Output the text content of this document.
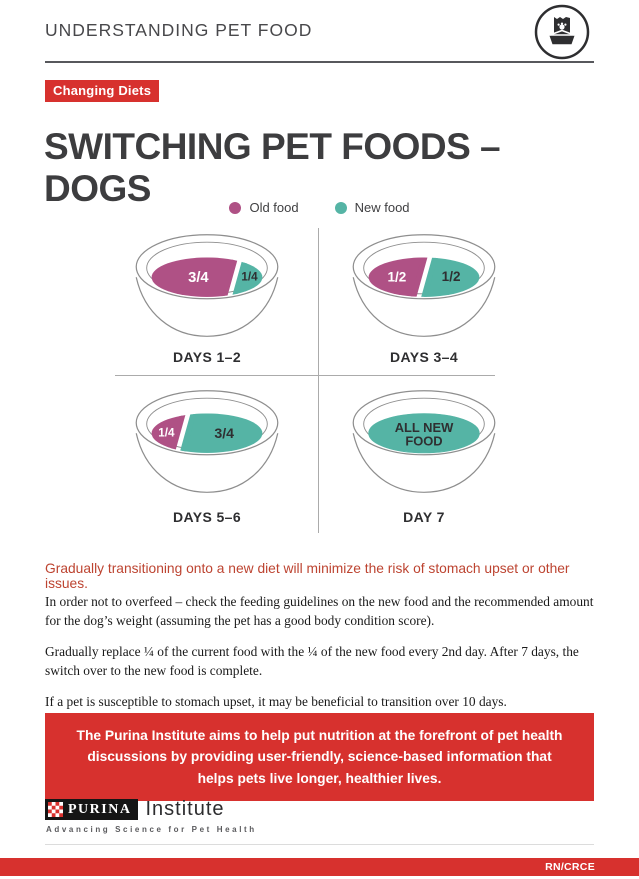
UNDERSTANDING PET FOOD
Changing Diets
SWITCHING PET FOODS – DOGS	Old food	New food
3/4 1/4
DAYS 1–2
1/2 1/2
DAYS 3–4
1/4 3/4
DAYS 5–6
ALL NEW
FOOD
DAY 7
Gradually transitioning onto a new diet will minimize the risk of stomach upset or other issues.

In order not to overfeed – check the feeding guidelines on the new food and the recommended amount for the dog’s weight (assuming the pet has a good body condition score).

Gradually replace ¼ of the current food with the ¼ of the new food every 2nd day. After 7 days, the switch over to the new food is complete.

If a pet is susceptible to stomach upset, it may be beneficial to transition over 10 days.

The Purina Institute aims to help put nutrition at the forefront of pet health discussions by providing user-friendly, science-based information that helps pets live longer, healthier lives.
PURINA Institute
Advancing Science for Pet Health
RN/CRCE
